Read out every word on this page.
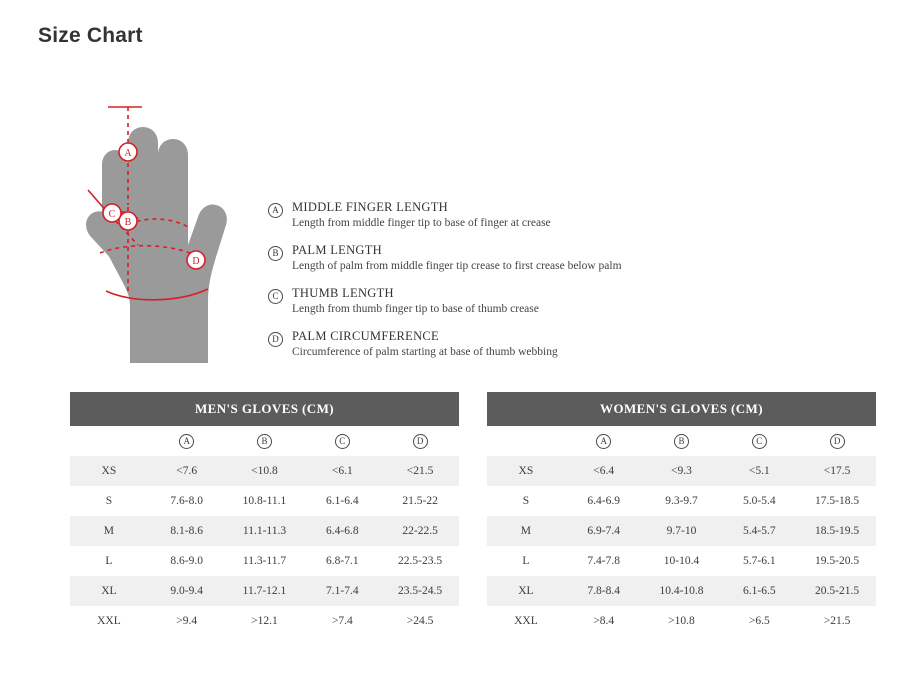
Size Chart
A
B
C
D
A	MIDDLE FINGER LENGTH
Length from middle finger tip to base of finger at crease
B	PALM LENGTH
Length of palm from middle finger tip crease to first crease below palm
C	THUMB LENGTH
Length from thumb finger tip to base of thumb crease
D	PALM CIRCUMFERENCE
Circumference of palm starting at base of thumb webbing
MEN'S GLOVES (CM)
	A	B	C	D
XS	<7.6	<10.8	<6.1	<21.5
S	7.6-8.0	10.8-11.1	6.1-6.4	21.5-22
M	8.1-8.6	11.1-11.3	6.4-6.8	22-22.5
L	8.6-9.0	11.3-11.7	6.8-7.1	22.5-23.5
XL	9.0-9.4	11.7-12.1	7.1-7.4	23.5-24.5
XXL	>9.4	>12.1	>7.4	>24.5
WOMEN'S GLOVES (CM)
	A	B	C	D
XS	<6.4	<9.3	<5.1	<17.5
S	6.4-6.9	9.3-9.7	5.0-5.4	17.5-18.5
M	6.9-7.4	9.7-10	5.4-5.7	18.5-19.5
L	7.4-7.8	10-10.4	5.7-6.1	19.5-20.5
XL	7.8-8.4	10.4-10.8	6.1-6.5	20.5-21.5
XXL	>8.4	>10.8	>6.5	>21.5
